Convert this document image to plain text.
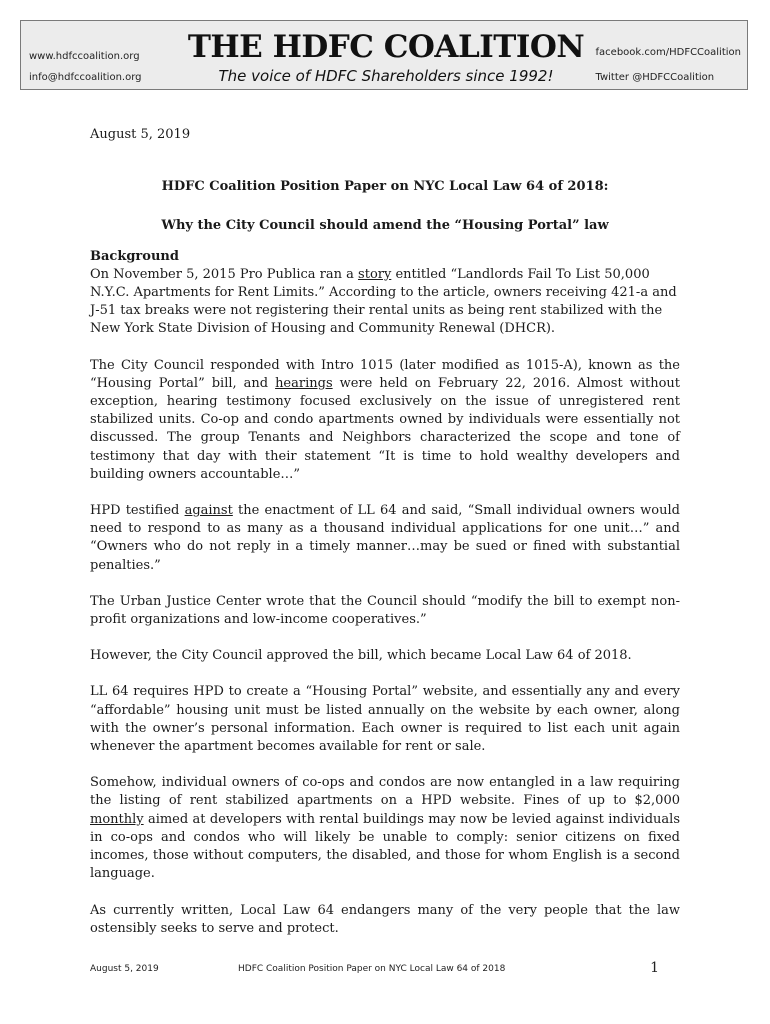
www.hdfccoalition.org
info@hdfccoalition.org
THE HDFC COALITION
The voice of HDFC Shareholders since 1992!
facebook.com/HDFCCoalition
Twitter @HDFCCoalition
August 5, 2019
HDFC Coalition Position Paper on NYC Local Law 64 of 2018:
Why the City Council should amend the “Housing Portal” law
Background

On November 5, 2015 Pro Publica ran a story entitled “Landlords Fail To List 50,000 N.Y.C. Apartments for Rent Limits.” According to the article, owners receiving 421-a and J-51 tax breaks were not registering their rental units as being rent stabilized with the New York State Division of Housing and Community Renewal (DHCR).

The City Council responded with Intro 1015 (later modified as 1015-A), known as the “Housing Portal” bill, and hearings were held on February 22, 2016. Almost without exception, hearing testimony focused exclusively on the issue of unregistered rent stabilized units. Co-op and condo apartments owned by individuals were essentially not discussed. The group Tenants and Neighbors characterized the scope and tone of testimony that day with their statement “It is time to hold wealthy developers and building owners accountable…”

HPD testified against the enactment of LL 64 and said, “Small individual owners would need to respond to as many as a thousand individual applications for one unit…” and “Owners who do not reply in a timely manner…may be sued or fined with substantial penalties.”

The Urban Justice Center wrote that the Council should “modify the bill to exempt non-profit organizations and low-income cooperatives.”

However, the City Council approved the bill, which became Local Law 64 of 2018.

LL 64 requires HPD to create a “Housing Portal” website, and essentially any and every “affordable” housing unit must be listed annually on the website by each owner, along with the owner’s personal information. Each owner is required to list each unit again whenever the apartment becomes available for rent or sale.

Somehow, individual owners of co-ops and condos are now entangled in a law requiring the listing of rent stabilized apartments on a HPD website. Fines of up to $2,000 monthly aimed at developers with rental buildings may now be levied against individuals in co-ops and condos who will likely be unable to comply: senior citizens on fixed incomes, those without computers, the disabled, and those for whom English is a second language.

As currently written, Local Law 64 endangers many of the very people that the law ostensibly seeks to serve and protect.

August 5, 2019	HDFC Coalition Position Paper on NYC Local Law 64 of 2018	1
